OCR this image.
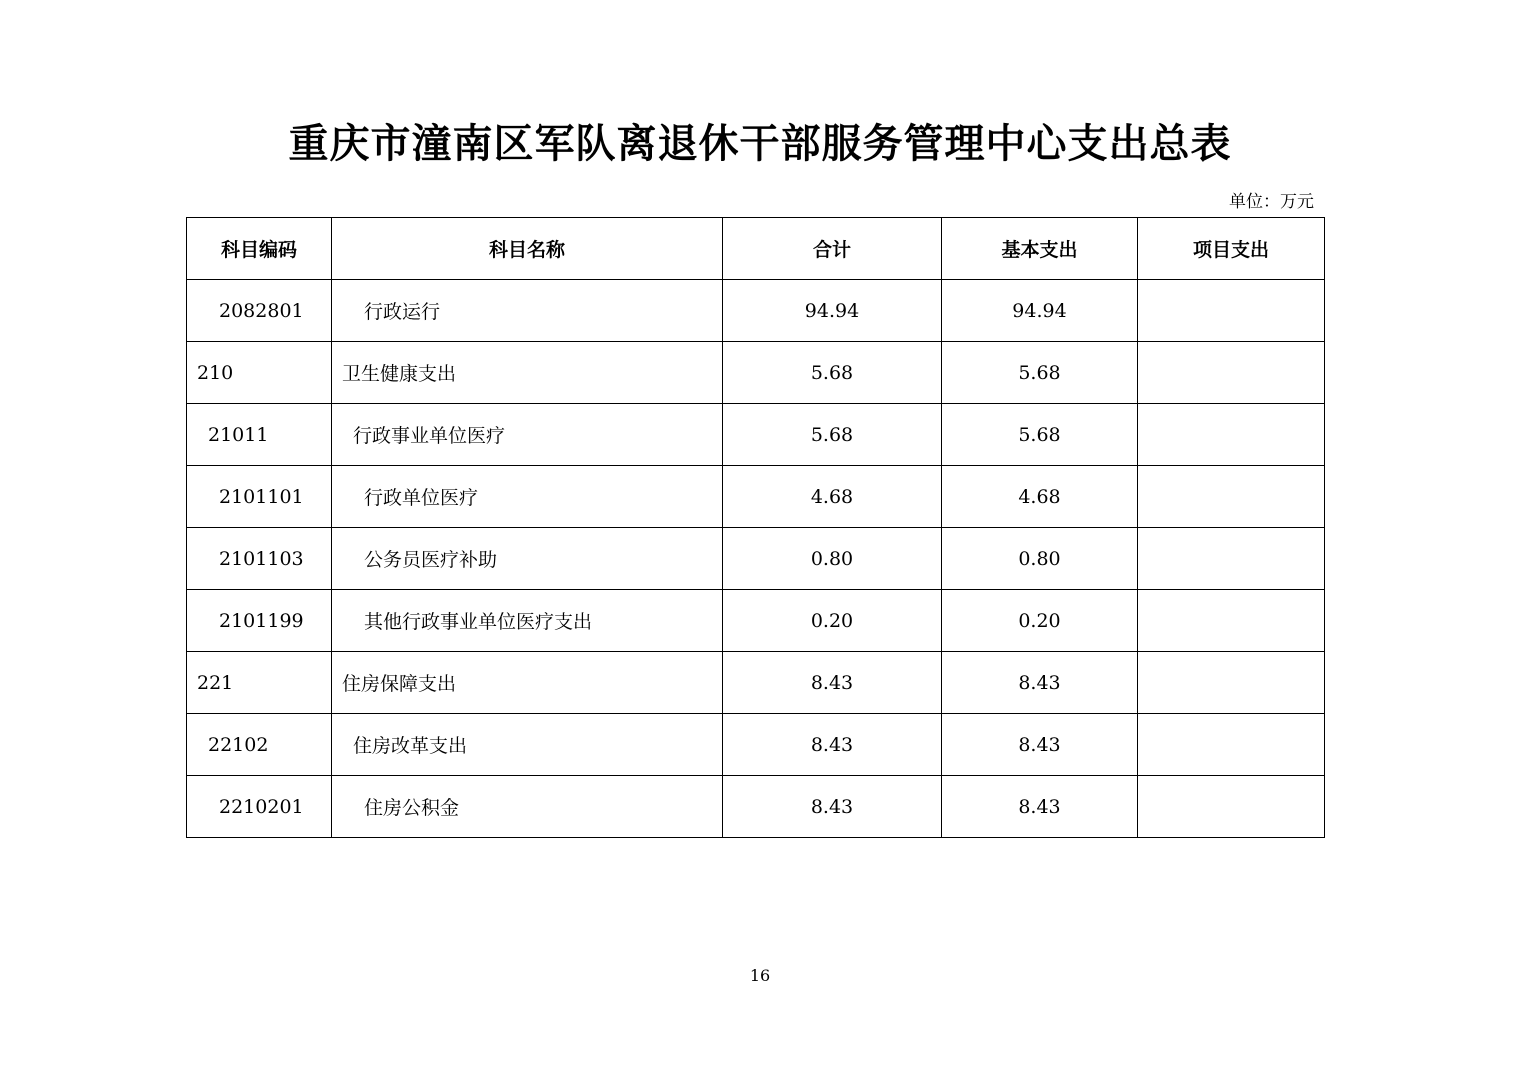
重庆市潼南区军队离退休干部服务管理中心支出总表
单位：万元
科目编码	科目名称	合计	基本支出	项目支出
2082801	行政运行	94.94	94.94	
210	卫生健康支出	5.68	5.68	
21011	行政事业单位医疗	5.68	5.68	
2101101	行政单位医疗	4.68	4.68	
2101103	公务员医疗补助	0.80	0.80	
2101199	其他行政事业单位医疗支出	0.20	0.20	
221	住房保障支出	8.43	8.43	
22102	住房改革支出	8.43	8.43	
2210201	住房公积金	8.43	8.43	
16
